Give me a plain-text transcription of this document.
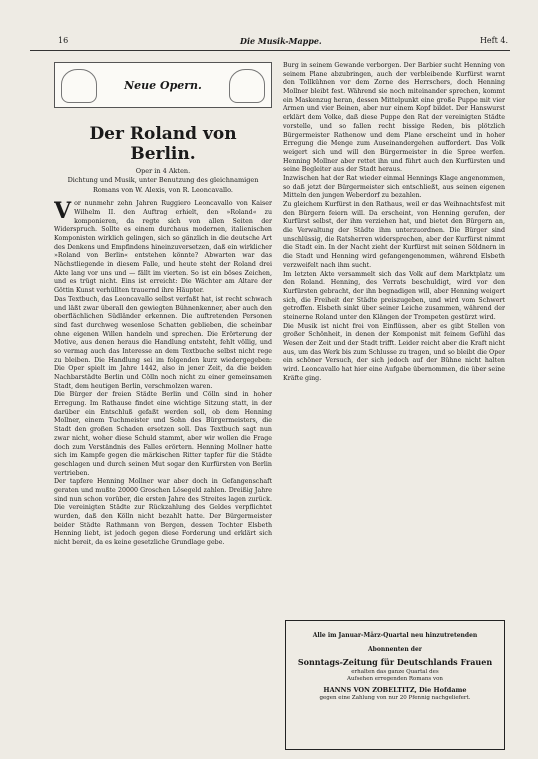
16	Die Musik-Mappe.	Heft 4.
Neue Opern.
Der Roland von Berlin.
Oper in 4 Akten.
Dichtung und Musik, unter Benutzung des gleichnamigen Romans von W. Alexis, von R. Leoncavallo.

Vor nunmehr zehn Jahren Ruggiero Leoncavallo von Kaiser Wilhelm II. den Auftrag erhielt, den »Roland« zu komponieren, da regte sich von allen Seiten der Widerspruch. Sollte es einem durchaus modernen, italienischen Komponisten wirklich gelingen, sich so gänzlich in die deutsche Art des Denkens und Empfindens hineinzuversetzen, daß ein wirklicher »Roland von Berlin« entstehen könnte? Abwarten war das Nächstliegende in diesem Falle, und heute steht der Roland drei Akte lang vor uns und — fällt im vierten. So ist ein böses Zeichen, und es trügt nicht. Eins ist erreicht: Die Wächter am Altare der Göttin Kunst verhüllten trauernd ihre Häupter.

Das Textbuch, das Leoncavallo selbst verfaßt hat, ist recht schwach und läßt zwar überall den gewiegten Bühnenkenner, aber auch den oberflächlichen Südländer erkennen. Die auftretenden Personen sind fast durchweg wesenlose Schatten geblieben, die scheinbar ohne eigenen Willen handeln und sprechen. Die Erörterung der Motive, aus denen heraus die Handlung entsteht, fehlt völlig, und so vermag auch das Interesse an dem Textbuche selbst nicht rege zu bleiben. Die Handlung sei im folgenden kurz wiedergegeben: Die Oper spielt im Jahre 1442, also in jener Zeit, da die beiden Nachbarstädte Berlin und Cölln noch nicht zu einer gemeinsamen Stadt, dem heutigen Berlin, verschmolzen waren.

Die Bürger der freien Städte Berlin und Cölln sind in hoher Erregung. Im Rathause findet eine wichtige Sitzung statt, in der darüber ein Entschluß gefaßt werden soll, ob dem Henning Mollner, einem Tuchmeister und Sohn des Bürgermeisters, die Stadt den großen Schaden ersetzen soll. Das Textbuch sagt nun zwar nicht, woher diese Schuld stammt, aber wir wollen die Frage doch zum Verständnis des Falles erörtern. Henning Mollner hatte sich im Kampfe gegen die märkischen Ritter tapfer für die Städte geschlagen und durch seinen Mut sogar den Kurfürsten von Berlin vertrieben.

Der tapfere Henning Mollner war aber doch in Gefangenschaft geraten und mußte 20000 Groschen Lösegeld zahlen. Dreißig Jahre sind nun schon vorüber, die ersten Jahre des Streites lagen zurück. Die vereinigten Städte zur Rückzahlung des Geldes verpflichtet wurden, daß den Kölln nicht bezahlt hatte. Der Bürgermeister beider Städte Rathmann von Bergen, dessen Tochter Elsbeth Henning liebt, ist jedoch gegen diese Forderung und erklärt sich nicht bereit, da es keine gesetzliche Grundlage gebe.

Burg in seinem Gewande verborgen. Der Barbier sucht Henning von seinem Plane abzubringen, auch der verbleibende Kurfürst warnt den Tollkühnen vor dem Zorne des Herrschers, doch Henning Mollner bleibt fest. Während sie noch miteinander sprechen, kommt ein Maskenzug heran, dessen Mittelpunkt eine große Puppe mit vier Armen und vier Beinen, aber nur einem Kopf bildet. Der Hanswurst erklärt dem Volke, daß diese Puppe den Rat der vereinigten Städte vorstelle, und so fallen recht bissige Reden, bis plötzlich Bürgermeister Rathenow und dem Plane erscheint und in hoher Erregung die Menge zum Auseinandergehen auffordert. Das Volk weigert sich und will den Bürgermeister in die Spree werfen. Henning Mollner aber rettet ihn und führt auch den Kurfürsten und seine Begleiter aus der Stadt heraus.

Inzwischen hat der Rat wieder einmal Hennings Klage angenommen, so daß jetzt der Bürgermeister sich entschließt, aus seinen eigenen Mitteln den jungen Weberdorf zu bezahlen.

Zu gleichem Kurfürst in den Rathaus, weil er das Weihnachtsfest mit den Bürgern feiern will. Da erscheint, von Henning gerufen, der Kurfürst selbst, der ihm verziehen hat, und bietet den Bürgern an, die Verwaltung der Städte ihm unterzuordnen. Die Bürger sind unschlüssig, die Ratsherren widersprechen, aber der Kurfürst nimmt die Stadt ein. In der Nacht zieht der Kurfürst mit seinen Söldnern in die Stadt und Henning wird gefangengenommen, während Elsbeth verzweifelt nach ihm sucht.

Im letzten Akte versammelt sich das Volk auf dem Marktplatz um den Roland. Henning, des Verrats beschuldigt, wird vor den Kurfürsten gebracht, der ihn begnadigen will, aber Henning weigert sich, die Freiheit der Städte preiszugeben, und wird vom Schwert getroffen. Elsbeth sinkt über seiner Leiche zusammen, während der steinerne Roland unter den Klängen der Trompeten gestürzt wird.

Die Musik ist nicht frei von Einflüssen, aber es gibt Stellen von großer Schönheit, in denen der Komponist mit feinem Gefühl das Wesen der Zeit und der Stadt trifft. Leider reicht aber die Kraft nicht aus, um das Werk bis zum Schlusse zu tragen, und so bleibt die Oper ein schöner Versuch, der sich jedoch auf der Bühne nicht halten wird. Leoncavallo hat hier eine Aufgabe übernommen, die über seine Kräfte ging.

Alle im Januar-März-Quartal neu hinzutretenden
Abonnenten der
Sonntags-Zeitung für Deutschlands Frauen
erhalten das ganze Quartal des
Aufsehen erregenden Romans von
HANNS VON ZOBELTITZ, Die Hofdame
gegen eine Zahlung von nur 20 Pfennig nachgeliefert.
